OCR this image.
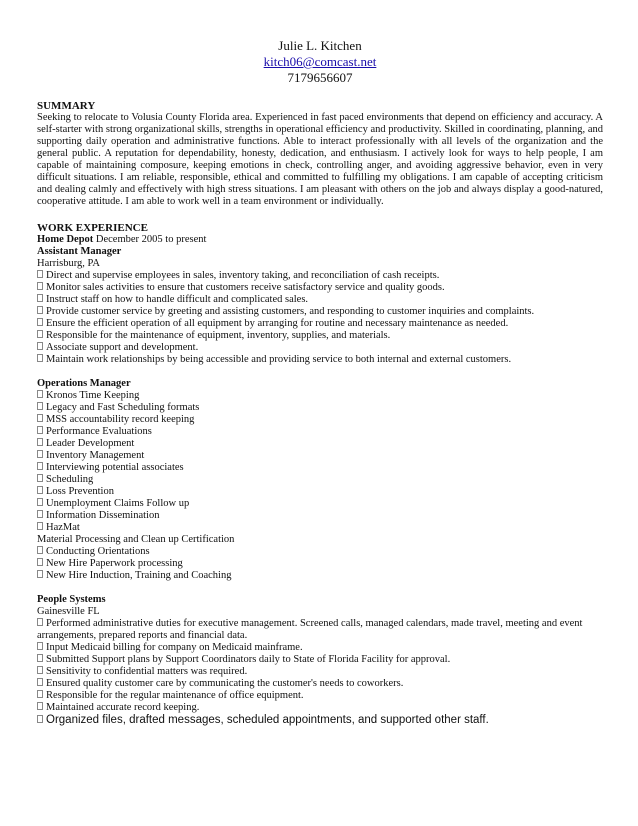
Julie L. Kitchen
kitch06@comcast.net
7179656607
SUMMARY

Seeking to relocate to Volusia County Florida area. Experienced in fast paced environments that depend on efficiency and accuracy. A self-starter with strong organizational skills, strengths in operational efficiency and productivity. Skilled in coordinating, planning, and supporting daily operation and administrative functions. Able to interact professionally with all levels of the organization and the general public. A reputation for dependability, honesty, dedication, and enthusiasm. I actively look for ways to help people, I am capable of maintaining composure, keeping emotions in check, controlling anger, and avoiding aggressive behavior, even in very difficult situations. I am reliable, responsible, ethical and committed to fulfilling my obligations. I am capable of accepting criticism and dealing calmly and effectively with high stress situations. I am pleasant with others on the job and always display a good-natured, cooperative attitude. I am able to work well in a team environment or individually.

WORK EXPERIENCE
Home Depot December 2005 to present
Assistant Manager
Harrisburg, PA
Direct and supervise employees in sales, inventory taking, and reconciliation of cash receipts.
Monitor sales activities to ensure that customers receive satisfactory service and quality goods.
Instruct staff on how to handle difficult and complicated sales.
Provide customer service by greeting and assisting customers, and responding to customer inquiries and complaints.
Ensure the efficient operation of all equipment by arranging for routine and necessary maintenance as needed.
Responsible for the maintenance of equipment, inventory, supplies, and materials.
Associate support and development.
Maintain work relationships by being accessible and providing service to both internal and external customers.
Operations Manager
Kronos Time Keeping
Legacy and Fast Scheduling formats
MSS accountability record keeping
Performance Evaluations
Leader Development
Inventory Management
Interviewing potential associates
Scheduling
Loss Prevention
Unemployment Claims Follow up
Information Dissemination
HazMat
Material Processing and Clean up Certification
Conducting Orientations
New Hire Paperwork processing
New Hire Induction, Training and Coaching
People Systems
Gainesville FL
Performed administrative duties for executive management. Screened calls, managed calendars, made travel, meeting and event arrangements, prepared reports and financial data.
Input Medicaid billing for company on Medicaid mainframe.
Submitted Support plans by Support Coordinators daily to State of Florida Facility for approval.
Sensitivity to confidential matters was required.
Ensured quality customer care by communicating the customer's needs to coworkers.
Responsible for the regular maintenance of office equipment.
Maintained accurate record keeping.
Organized files, drafted messages, scheduled appointments, and supported other staff.
